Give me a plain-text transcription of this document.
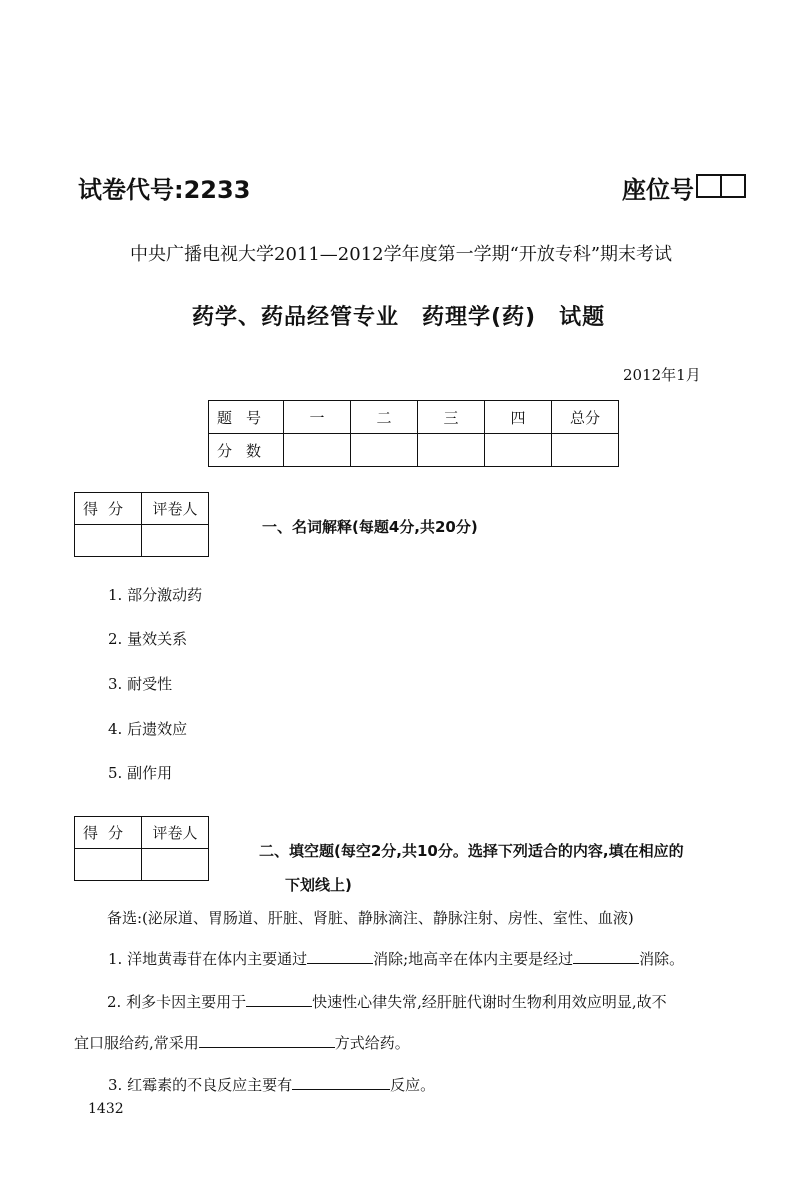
试卷代号:2233	座位号
中央广播电视大学2011—2012学年度第一学期“开放专科”期末考试
药学、药品经管专业　药理学(药)　试题
2012年1月
题号	一	二	三	四	总分
分数					
得分	评卷人

一、名词解释(每题4分,共20分)
1. 部分激动药
2. 量效关系
3. 耐受性
4. 后遗效应
5. 副作用
得分	评卷人

二、填空题(每空2分,共10分。选择下列适合的内容,填在相应的
下划线上)
备选:(泌尿道、胃肠道、肝脏、肾脏、静脉滴注、静脉注射、房性、室性、血液)
1. 洋地黄毒苷在体内主要通过	消除;地高辛在体内主要是经过	消除。
2. 利多卡因主要用于	快速性心律失常,经肝脏代谢时生物利用效应明显,故不
宜口服给药,常采用	方式给药。
3. 红霉素的不良反应主要有	反应。
1432
